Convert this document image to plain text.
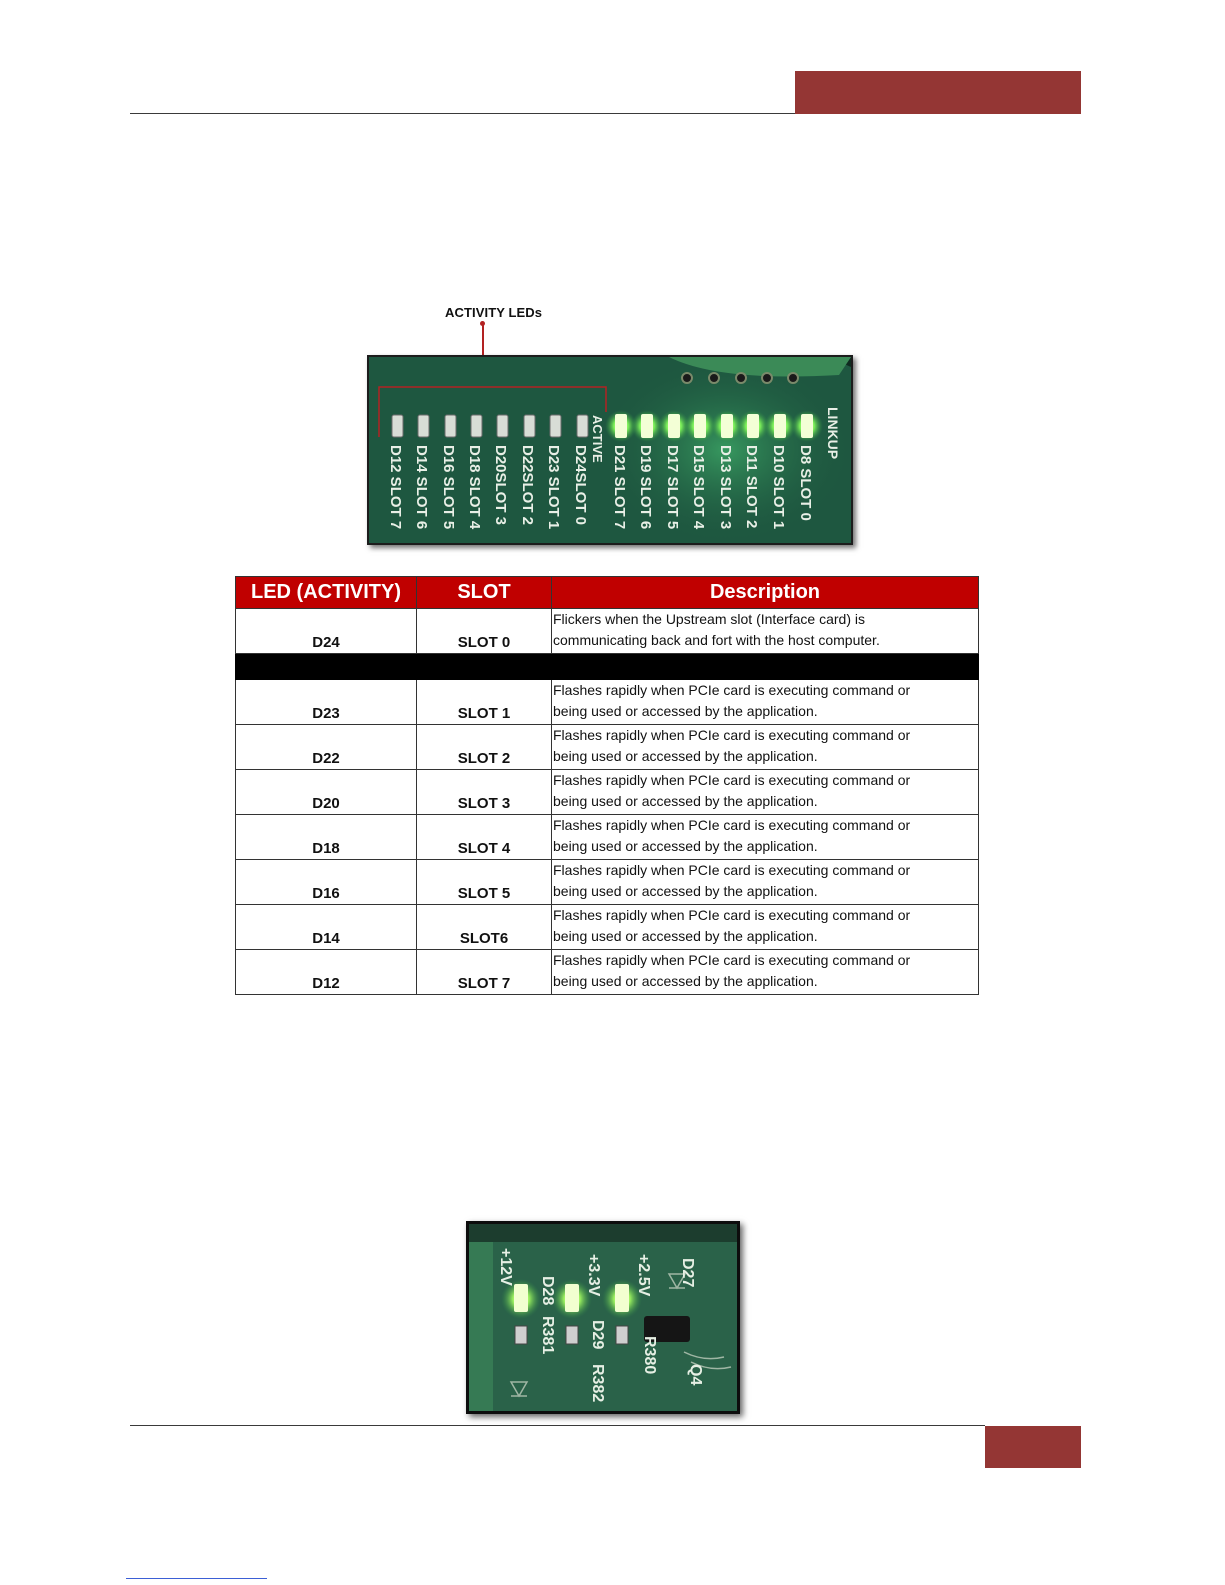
ACTIVITY LEDs
D12 SLOT 7 D14 SLOT 6 D16 SLOT 5 D18 SLOT 4 D20SLOT 3 D22SLOT 2 D23 SLOT 1 D24SLOT 0 D21 SLOT 7 D19 SLOT 6 D17 SLOT 5 D15 SLOT 4 D13 SLOT 3 D11 SLOT 2 D10 SLOT 1 D8 SLOT 0
ACTIVE	LINKUP
LED (ACTIVITY)	SLOT	Description
D24	SLOT 0	Flickers when the Upstream slot (Interface card) is
communicating back and fort with the host computer.

D23	SLOT 1	Flashes rapidly when PCIe card is executing command or
being used or accessed by the application.
D22	SLOT 2	Flashes rapidly when PCIe card is executing command or
being used or accessed by the application.
D20	SLOT 3	Flashes rapidly when PCIe card is executing command or
being used or accessed by the application.
D18	SLOT 4	Flashes rapidly when PCIe card is executing command or
being used or accessed by the application.
D16	SLOT 5	Flashes rapidly when PCIe card is executing command or
being used or accessed by the application.
D14	SLOT6	Flashes rapidly when PCIe card is executing command or
being used or accessed by the application.
D12	SLOT 7	Flashes rapidly when PCIe card is executing command or
being used or accessed by the application.
+12V	+3.3V +2.5V
D28
R381 D29
R382
D27
R380
Q4
